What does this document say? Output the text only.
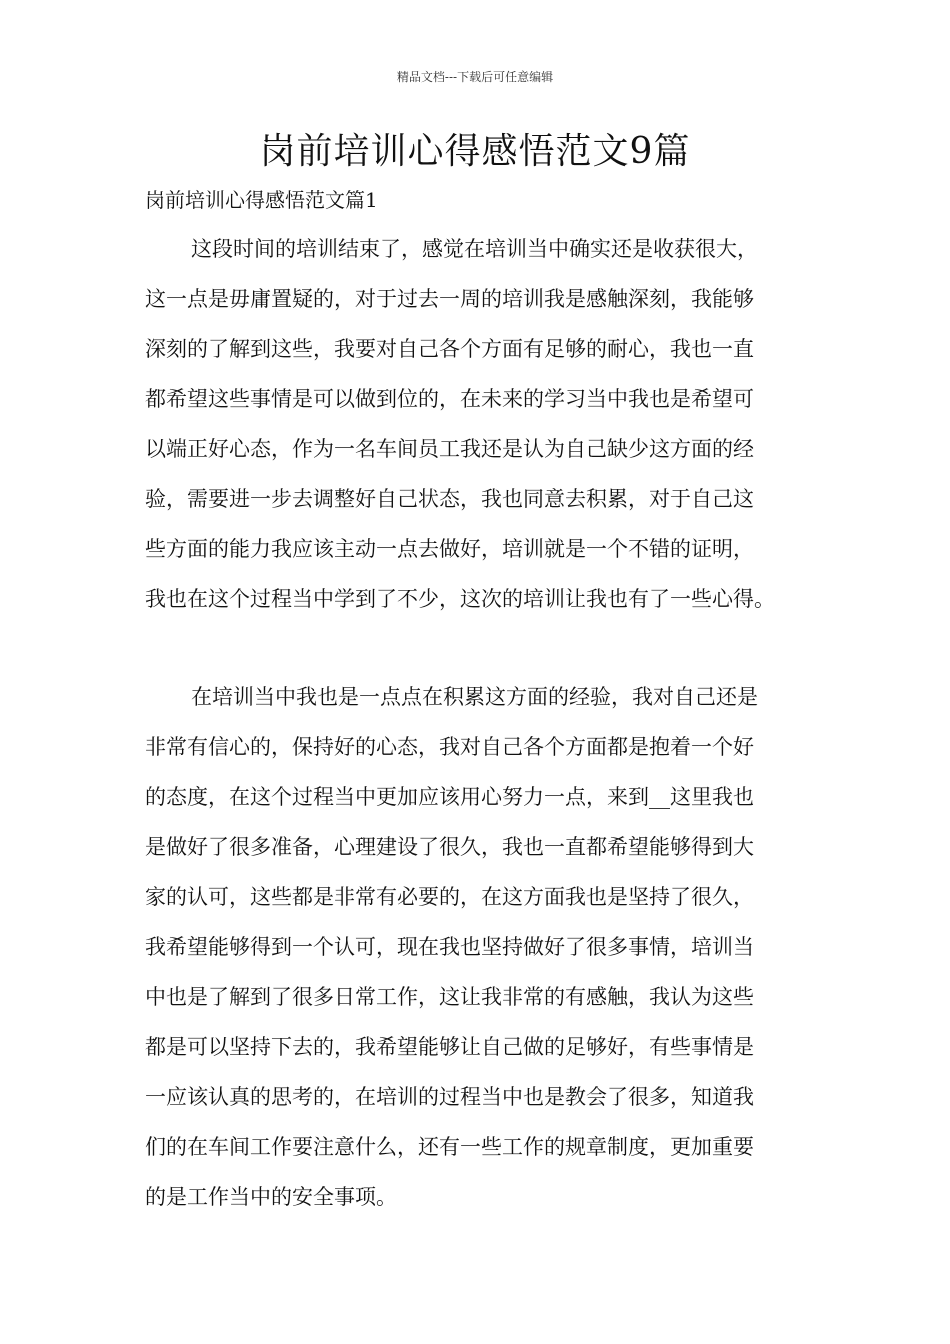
精品文档---下载后可任意编辑
岗前培训心得感悟范文9篇
岗前培训心得感悟范文篇1
这段时间的培训结束了，感觉在培训当中确实还是收获很大，
这一点是毋庸置疑的，对于过去一周的培训我是感触深刻，我能够
深刻的了解到这些，我要对自己各个方面有足够的耐心，我也一直
都希望这些事情是可以做到位的，在未来的学习当中我也是希望可
以端正好心态，作为一名车间员工我还是认为自己缺少这方面的经
验，需要进一步去调整好自己状态，我也同意去积累，对于自己这
些方面的能力我应该主动一点去做好，培训就是一个不错的证明，
我也在这个过程当中学到了不少，这次的培训让我也有了一些心得。
在培训当中我也是一点点在积累这方面的经验，我对自己还是
非常有信心的，保持好的心态，我对自己各个方面都是抱着一个好
的态度，在这个过程当中更加应该用心努力一点，来到__这里我也
是做好了很多准备，心理建设了很久，我也一直都希望能够得到大
家的认可，这些都是非常有必要的，在这方面我也是坚持了很久，
我希望能够得到一个认可，现在我也坚持做好了很多事情，培训当
中也是了解到了很多日常工作，这让我非常的有感触，我认为这些
都是可以坚持下去的，我希望能够让自己做的足够好，有些事情是
一应该认真的思考的，在培训的过程当中也是教会了很多，知道我
们的在车间工作要注意什么，还有一些工作的规章制度，更加重要
的是工作当中的安全事项。
